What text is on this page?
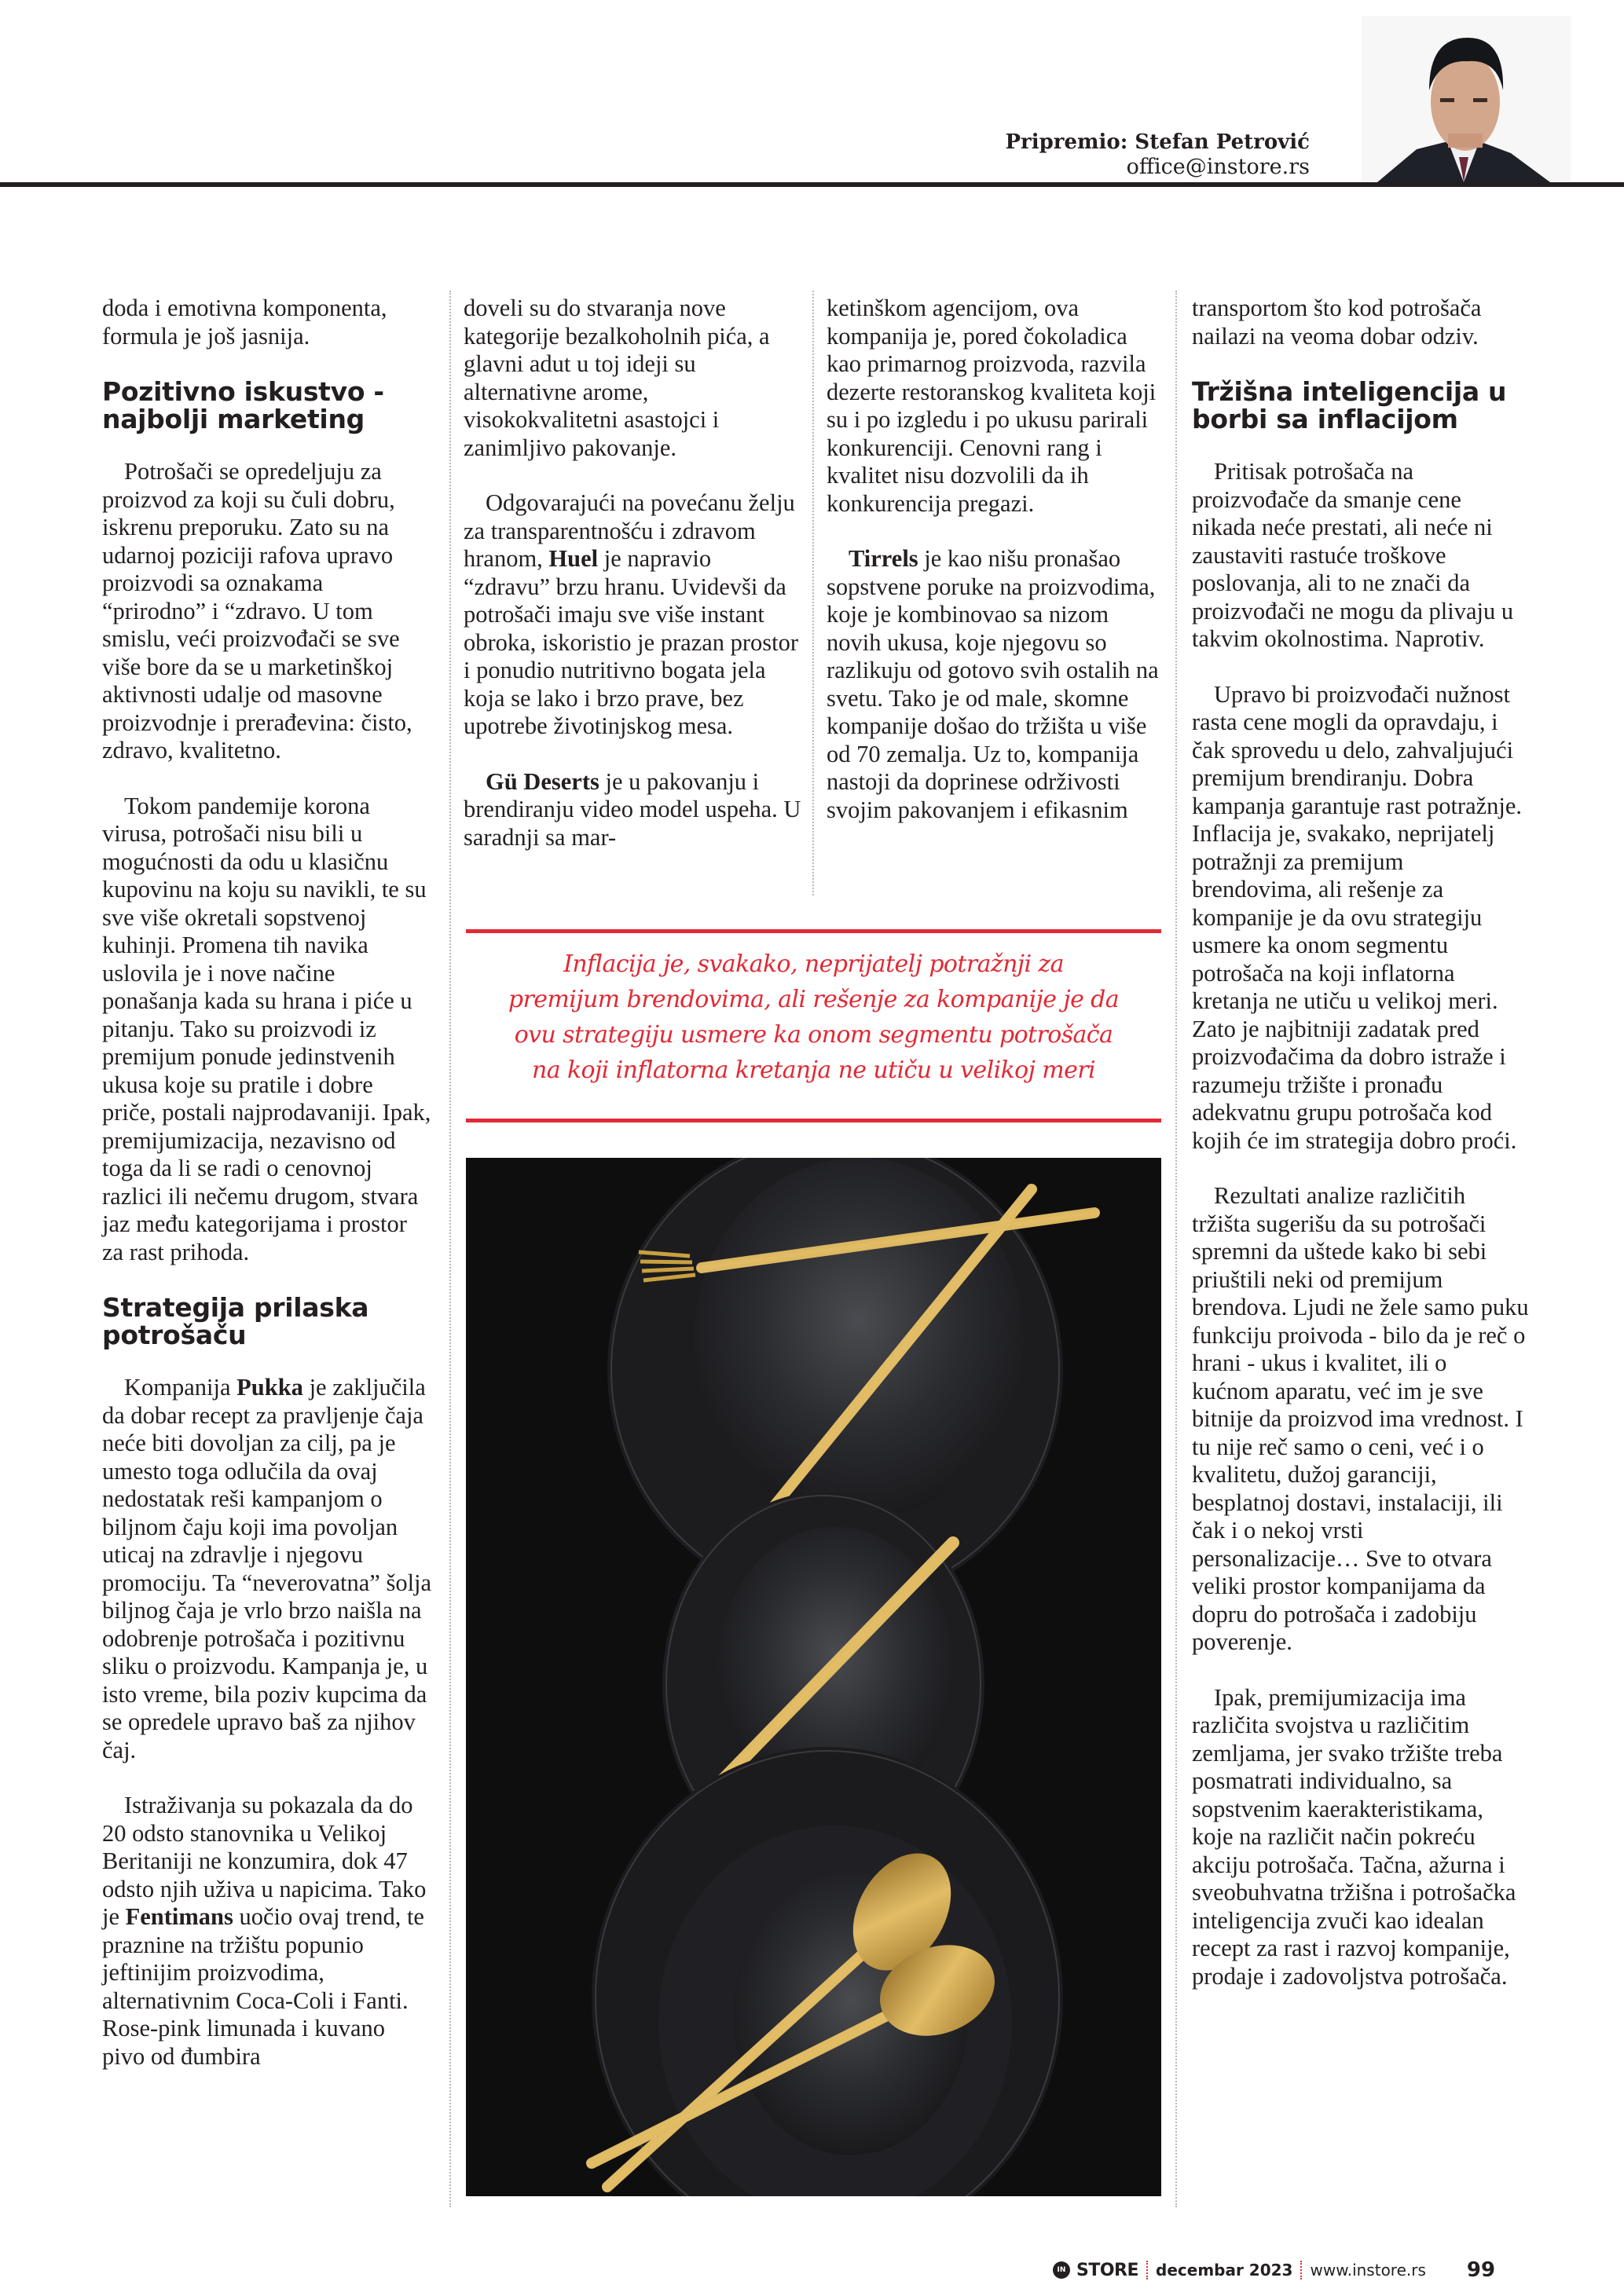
Pripremio: Stefan Petrović
office@instore.rs

doda i emotivna komponenta, formula je još jasnija.

Pozitivno iskustvo - najbolji marketing

Potrošači se opredeljuju za proizvod za koji su čuli dobru, iskrenu preporuku. Zato su na udarnoj poziciji rafova upravo proizvodi sa oznakama “prirodno” i “zdravo. U tom smislu, veći proizvođači se sve više bore da se u marketinškoj aktivnosti udalje od masovne proizvodnje i prerađevina: čisto, zdravo, kvalitetno.

Tokom pandemije korona virusa, potrošači nisu bili u mogućnosti da odu u klasičnu kupovinu na koju su navikli, te su sve više okretali sopstvenoj kuhinji. Promena tih navika uslovila je i nove načine ponašanja kada su hrana i piće u pitanju. Tako su proizvodi iz premijum ponude jedinstvenih ukusa koje su pratile i dobre priče, postali najprodavaniji. Ipak, premijumizacija, nezavisno od toga da li se radi o cenovnoj razlici ili nečemu drugom, stvara jaz među kategorijama i prostor za rast prihoda.

Strategija prilaska potrošaču

Kompanija Pukka je zaključila da dobar recept za pravljenje čaja neće biti dovoljan za cilj, pa je umesto toga odlučila da ovaj nedostatak reši kampanjom o biljnom čaju koji ima povoljan uticaj na zdravlje i njegovu promociju. Ta “neverovatna” šolja biljnog čaja je vrlo brzo naišla na odobrenje potrošača i pozitivnu sliku o proizvodu. Kampanja je, u isto vreme, bila poziv kupcima da se opredele upravo baš za njihov čaj.

Istraživanja su pokazala da do 20 odsto stanovnika u Velikoj Beritaniji ne konzumira, dok 47 odsto njih uživa u napicima. Tako je Fentimans uočio ovaj trend, te praznine na tržištu popunio jeftinijim proizvodima, alternativnim Coca-Coli i Fanti. Rose-pink limunada i kuvano pivo od đumbira

doveli su do stvaranja nove kategorije bezalkoholnih pića, a glavni adut u toj ideji su alternativne arome, visokokvalitetni asastojci i zanimljivo pakovanje.

Odgovarajući na povećanu želju za transparentnošću i zdravom hranom, Huel je napravio “zdravu” brzu hranu. Uvidevši da potrošači imaju sve više instant obroka, iskoristio je prazan prostor i ponudio nutritivno bogata jela koja se lako i brzo prave, bez upotrebe životinjskog mesa.

Gü Deserts je u pakovanju i brendiranju video model uspeha. U saradnji sa mar-

ketinškom agencijom, ova kompanija je, pored čokoladica kao primarnog proizvoda, razvila dezerte restoranskog kvaliteta koji su i po izgledu i po ukusu parirali konkurenciji. Cenovni rang i kvalitet nisu dozvolili da ih konkurencija pregazi.

Tirrels je kao nišu pronašao sopstvene poruke na proizvodima, koje je kombinovao sa nizom novih ukusa, koje njegovu so razlikuju od gotovo svih ostalih na svetu. Tako je od male, skomne kompanije došao do tržišta u više od 70 zemalja. Uz to, kompanija nastoji da doprinese održivosti svojim pakovanjem i efikasnim

transportom što kod potrošača nailazi na veoma dobar odziv.

Tržišna inteligencija u borbi sa inflacijom

Pritisak potrošača na proizvođače da smanje cene nikada neće prestati, ali neće ni zaustaviti rastuće troškove poslovanja, ali to ne znači da proizvođači ne mogu da plivaju u takvim okolnostima. Naprotiv.

Upravo bi proizvođači nužnost rasta cene mogli da opravdaju, i čak sprovedu u delo, zahvaljujući premijum brendiranju. Dobra kampanja garantuje rast potražnje. Inflacija je, svakako, neprijatelj potražnji za premijum brendovima, ali rešenje za kompanije je da ovu strategiju usmere ka onom segmentu potrošača na koji inflatorna kretanja ne utiču u velikoj meri. Zato je najbitniji zadatak pred proizvođačima da dobro istraže i razumeju tržište i pronađu adekvatnu grupu potrošača kod kojih će im strategija dobro proći.

Rezultati analize različitih tržišta sugerišu da su potrošači spremni da uštede kako bi sebi priuštili neki od premijum brendova. Ljudi ne žele samo puku funkciju proivoda - bilo da je reč o hrani - ukus i kvalitet, ili o kućnom aparatu, već im je sve bitnije da proizvod ima vrednost. I tu nije reč samo o ceni, već i o kvalitetu, dužoj garanciji, besplatnoj dostavi, instalaciji, ili čak i o nekoj vrsti personalizacije… Sve to otvara veliki prostor kompanijama da dopru do potrošača i zadobiju poverenje.

Ipak, premijumizacija ima različita svojstva u različitim zemljama, jer svako tržište treba posmatrati individualno, sa sopstvenim kaerakteristikama, koje na različit način pokreću akciju potrošača. Tačna, ažurna i sveobuhvatna tržišna i potrošačka inteligencija zvuči kao idealan recept za rast i razvoj kompanije, prodaje i zadovoljstva potrošača.

Inflacija je, svakako, neprijatelj potražnji za
premijum brendovima, ali rešenje za kompanije je da
ovu strategiju usmere ka onom segmentu potrošača
na koji inflatorna kretanja ne utiču u velikoj meri
IN STORE decembar 2023 www.instore.rs 99
